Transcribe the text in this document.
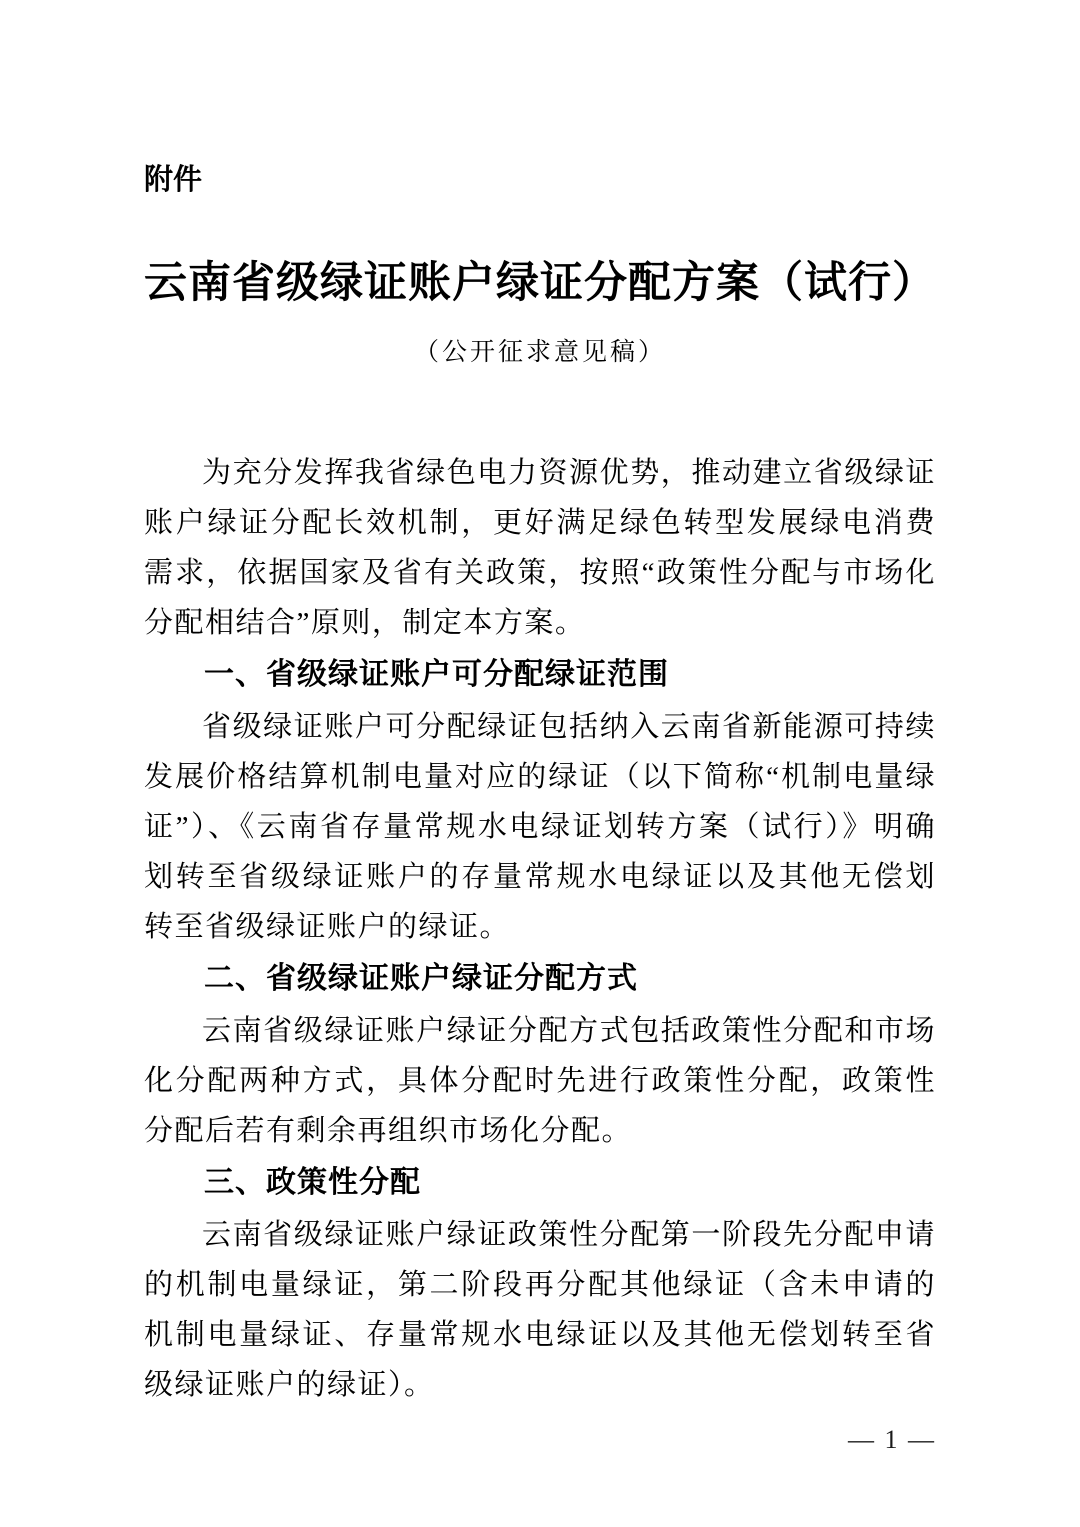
附件
云南省级绿证账户绿证分配方案（试行）
（公开征求意见稿）

为充分发挥我省绿色电力资源优势，推动建立省级绿证账户绿证分配长效机制，更好满足绿色转型发展绿电消费需求，依据国家及省有关政策，按照“政策性分配与市场化分配相结合”原则，制定本方案。

一、省级绿证账户可分配绿证范围

省级绿证账户可分配绿证包括纳入云南省新能源可持续发展价格结算机制电量对应的绿证（以下简称“机制电量绿证”）、《云南省存量常规水电绿证划转方案（试行）》明确划转至省级绿证账户的存量常规水电绿证以及其他无偿划转至省级绿证账户的绿证。

二、省级绿证账户绿证分配方式

云南省级绿证账户绿证分配方式包括政策性分配和市场化分配两种方式，具体分配时先进行政策性分配，政策性分配后若有剩余再组织市场化分配。

三、政策性分配

云南省级绿证账户绿证政策性分配第一阶段先分配申请的机制电量绿证，第二阶段再分配其他绿证（含未申请的机制电量绿证、存量常规水电绿证以及其他无偿划转至省级绿证账户的绿证）。

— 1 —
